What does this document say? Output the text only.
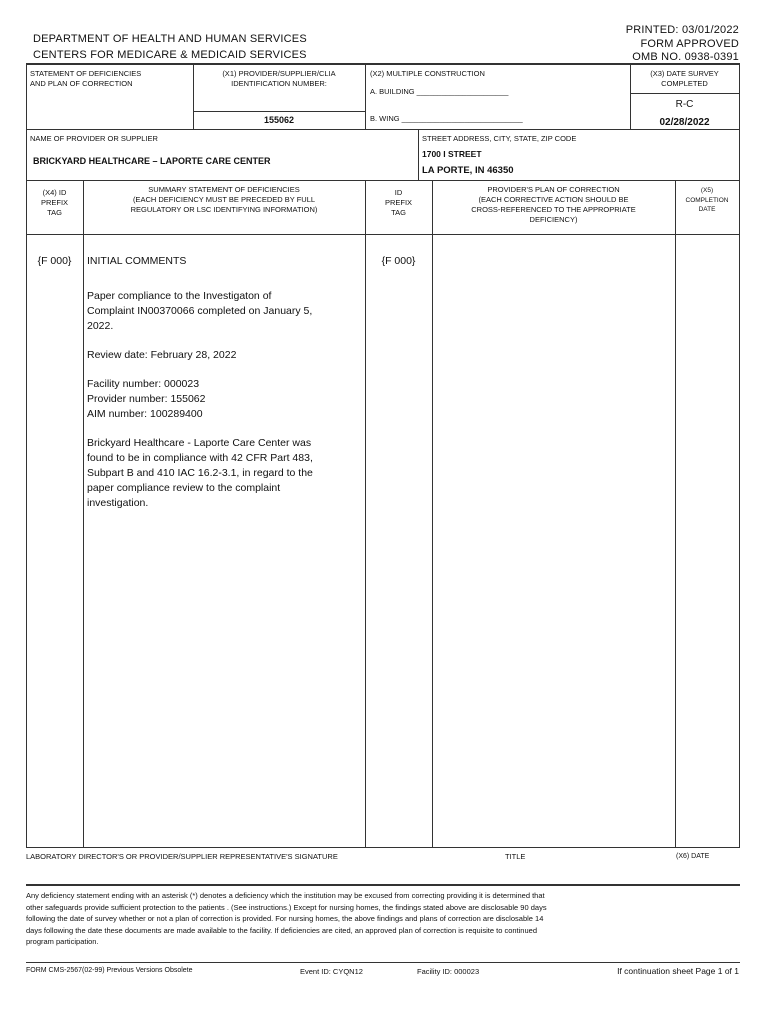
DEPARTMENT OF HEALTH AND HUMAN SERVICES
CENTERS FOR MEDICARE & MEDICAID SERVICES
PRINTED: 03/01/2022
FORM APPROVED
OMB NO. 0938-0391
STATEMENT OF DEFICIENCIES
AND PLAN OF CORRECTION
(X1) PROVIDER/SUPPLIER/CLIA
IDENTIFICATION NUMBER:
155062
(X2) MULTIPLE CONSTRUCTION
A. BUILDING ______________________
B. WING _____________________________
(X3) DATE SURVEY
COMPLETED
R-C
02/28/2022
NAME OF PROVIDER OR SUPPLIER
BRICKYARD HEALTHCARE – LAPORTE CARE CENTER
STREET ADDRESS, CITY, STATE, ZIP CODE
1700 I STREET
LA PORTE, IN 46350
(X4) ID
PREFIX
TAG
SUMMARY STATEMENT OF DEFICIENCIES
(EACH DEFICIENCY MUST BE PRECEDED BY FULL
REGULATORY OR LSC IDENTIFYING INFORMATION)
ID
PREFIX
TAG
PROVIDER'S PLAN OF CORRECTION
(EACH CORRECTIVE ACTION SHOULD BE
CROSS-REFERENCED TO THE APPROPRIATE
DEFICIENCY)
(X5)
COMPLETION
DATE
{F 000}	INITIAL COMMENTS	{F 000}
Paper compliance to the Investigaton of
Complaint IN00370066 completed on January 5,
2022.
Review date: February 28, 2022
Facility number: 000023
Provider number: 155062
AIM number: 100289400
Brickyard Healthcare - Laporte Care Center was
found to be in compliance with 42 CFR Part 483,
Subpart B and 410 IAC 16.2-3.1, in regard to the
paper compliance review to the complaint
investigation.
LABORATORY DIRECTOR'S OR PROVIDER/SUPPLIER REPRESENTATIVE'S SIGNATURE	TITLE	(X6) DATE
Any deficiency statement ending with an asterisk (*) denotes a deficiency which the institution may be excused from correcting providing it is determined that
other safeguards provide sufficient protection to the patients . (See instructions.) Except for nursing homes, the findings stated above are disclosable 90 days
following the date of survey whether or not a plan of correction is provided. For nursing homes, the above findings and plans of correction are disclosable 14
days following the date these documents are made available to the facility. If deficiencies are cited, an approved plan of correction is requisite to continued
program participation.
FORM CMS-2567(02-99) Previous Versions Obsolete	Event ID: CYQN12	Facility ID: 000023	If continuation sheet Page 1 of 1
